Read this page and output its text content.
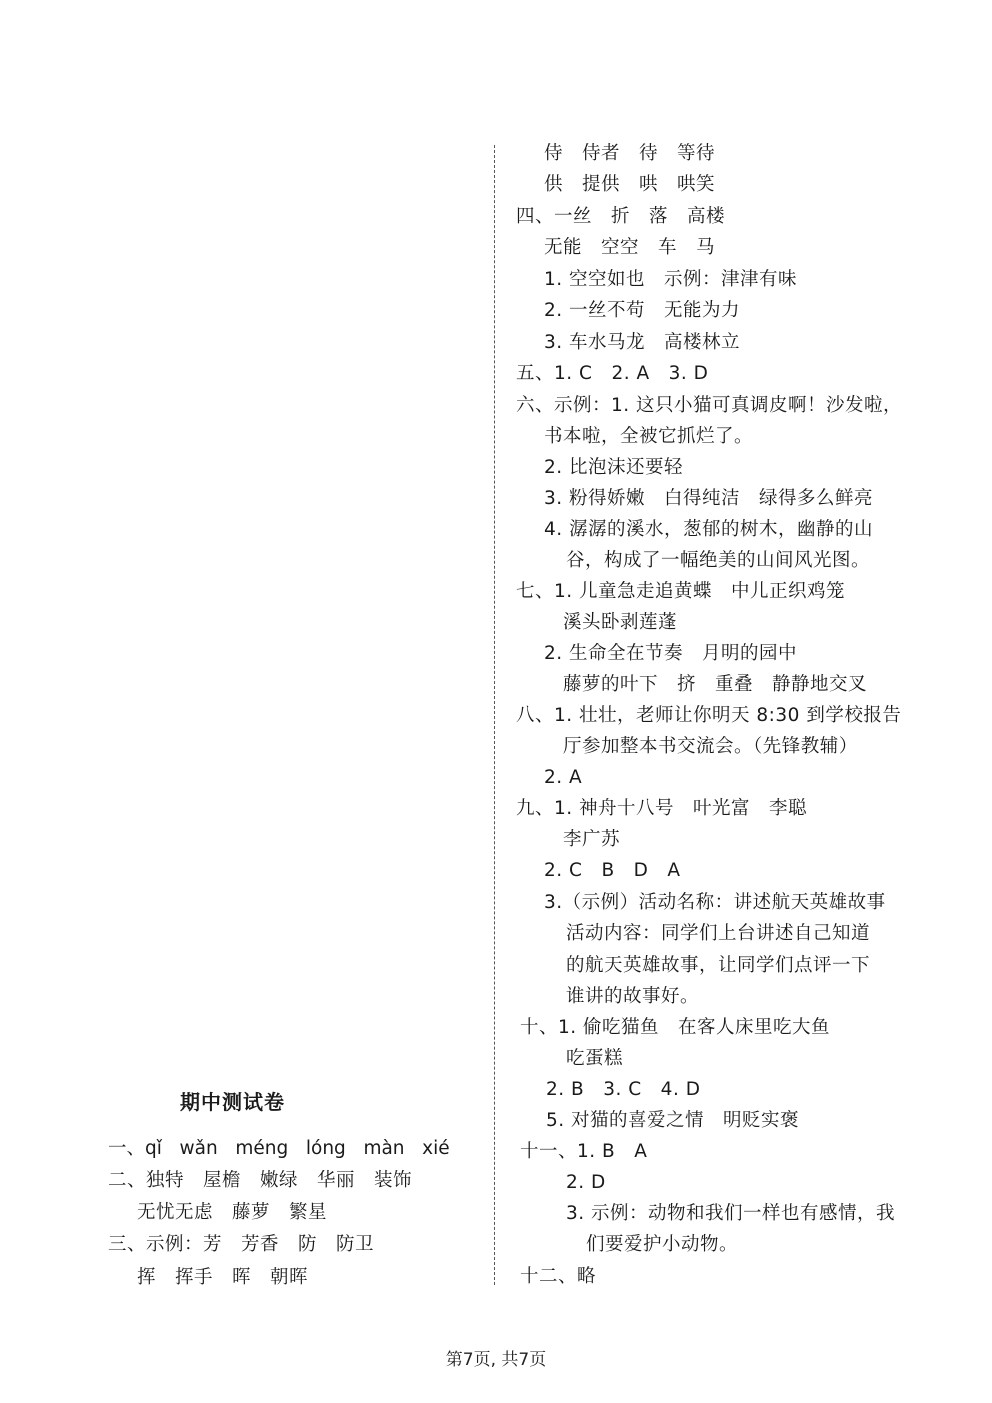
侍　侍者　待　等待
供　提供　哄　哄笑
四、一丝　折　落　高楼
无能　空空　车　马
1. 空空如也　示例：津津有味
2. 一丝不苟　无能为力
3. 车水马龙　高楼林立
五、1. C　2. A　3. D
六、示例：1. 这只小猫可真调皮啊！沙发啦，
书本啦，全被它抓烂了。
2. 比泡沫还要轻
3. 粉得娇嫩　白得纯洁　绿得多么鲜亮
4. 潺潺的溪水，葱郁的树木，幽静的山
谷，构成了一幅绝美的山间风光图。
七、1. 儿童急走追黄蝶　中儿正织鸡笼
溪头卧剥莲蓬
2. 生命全在节奏　月明的园中
藤萝的叶下　挤　重叠　静静地交叉
八、1. 壮壮，老师让你明天 8:30 到学校报告
厅参加整本书交流会。（先锋教辅）
2. A
九、1. 神舟十八号　叶光富　李聪
李广苏
2. C　B　D　A
3.（示例）活动名称：讲述航天英雄故事
活动内容：同学们上台讲述自己知道
的航天英雄故事，让同学们点评一下
谁讲的故事好。
十、1. 偷吃猫鱼　在客人床里吃大鱼
吃蛋糕
2. B　3. C　4. D
5. 对猫的喜爱之情　明贬实褒
十一、1. B　A
2. D
3. 示例：动物和我们一样也有感情，我
们要爱护小动物。
十二、略
期中测试卷
一、qǐ   wǎn   méng   lóng   màn   xié
二、独特　屋檐　嫩绿　华丽　装饰
无忧无虑　藤萝　繁星
三、示例：芳　芳香　防　防卫
挥　挥手　晖　朝晖
第7页, 共7页
